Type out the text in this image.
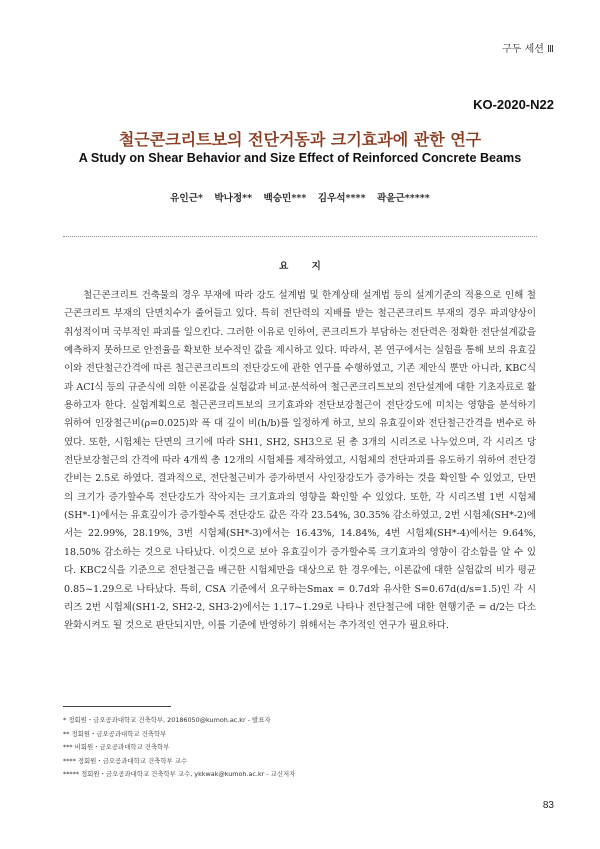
구두 세션 Ⅲ
KO-2020-N22
철근콘크리트보의 전단거동과 크기효과에 관한 연구
A Study on Shear Behavior and Size Effect of Reinforced Concrete Beams
유인근* 박나정** 백승민*** 김우석**** 곽윤근*****
요 지
철근콘크리트 건축물의 경우 부재에 따라 강도 설계법 및 한계상태 설계법 등의 설계기준의 적용으로 인해 철근콘크리트 부재의 단면치수가 줄어들고 있다. 특히 전단력의 지배를 받는 철근콘크리트 부재의 경우 파괴양상이 취성적이며 국부적인 파괴를 일으킨다. 그러한 이유로 인하여, 콘크리트가 부담하는 전단력은 정확한 전단설계값을 예측하지 못하므로 안전율을 확보한 보수적인 값을 제시하고 있다. 따라서, 본 연구에서는 실험을 통해 보의 유효깊이와 전단철근간격에 따른 철근콘크리트의 전단강도에 관한 연구를 수행하였고, 기존 제안식 뿐만 아니라, KBC식과 ACI식 등의 규준식에 의한 이론값을 실험값과 비교·분석하여 철근콘크리트보의 전단설계에 대한 기초자료로 활용하고자 한다. 실험계획으로 철근콘크리트보의 크기효과와 전단보강철근이 전단강도에 미치는 영향을 분석하기 위하여 인장철근비(ρ=0.025)와 폭 대 깊이 비(h/b)를 일정하게 하고, 보의 유효깊이와 전단철근간격을 변수로 하였다. 또한, 시험체는 단면의 크기에 따라 SH1, SH2, SH3으로 된 총 3개의 시리즈로 나누었으며, 각 시리즈 당 전단보강철근의 간격에 따라 4개씩 총 12개의 시험체를 제작하였고, 시험체의 전단파괴를 유도하기 위하여 전단경간비는 2.5로 하였다. 결과적으로, 전단철근비가 증가하면서 사인장강도가 증가하는 것을 확인할 수 있었고, 단면의 크기가 증가할수록 전단강도가 작아지는 크기효과의 영향을 확인할 수 있었다. 또한, 각 시리즈별 1번 시험체(SH*-1)에서는 유효깊이가 증가할수록 전단강도 값은 각각 23.54%, 30.35% 감소하였고, 2번 시험체(SH*-2)에서는 22.99%, 28.19%, 3번 시험체(SH*-3)에서는 16.43%, 14.84%, 4번 시험체(SH*-4)에서는 9.64%, 18.50% 감소하는 것으로 나타났다. 이것으로 보아 유효깊이가 증가할수록 크기효과의 영향이 감소함을 알 수 있다. KBC2식을 기준으로 전단철근을 배근한 시험체만을 대상으로 한 경우에는, 이론값에 대한 실험값의 비가 평균 0.85~1.29으로 나타났다. 특히, CSA 기준에서 요구하는Smax = 0.7d와 유사한 S=0.67d(d/s=1.5)인 각 시리즈 2번 시험체(SH1-2, SH2-2, SH3-2)에서는 1.17~1.29로 나타나 전단철근에 대한 현행기준 = d/2는 다소 완화시켜도 될 것으로 판단되지만, 이를 기준에 반영하기 위해서는 추가적인 연구가 필요하다.
* 정회원・금오공과대학교 건축학부, 20186050@kumoh.ac.kr - 발표자
** 정회원・금오공과대학교 건축학부
*** 비회원・금오공과대학교 건축학부
**** 정회원・금오공과대학교 건축학부 교수
***** 정회원・금오공과대학교 건축학부 교수, ykkwak@kumoh.ac.kr - 교신저자
83
